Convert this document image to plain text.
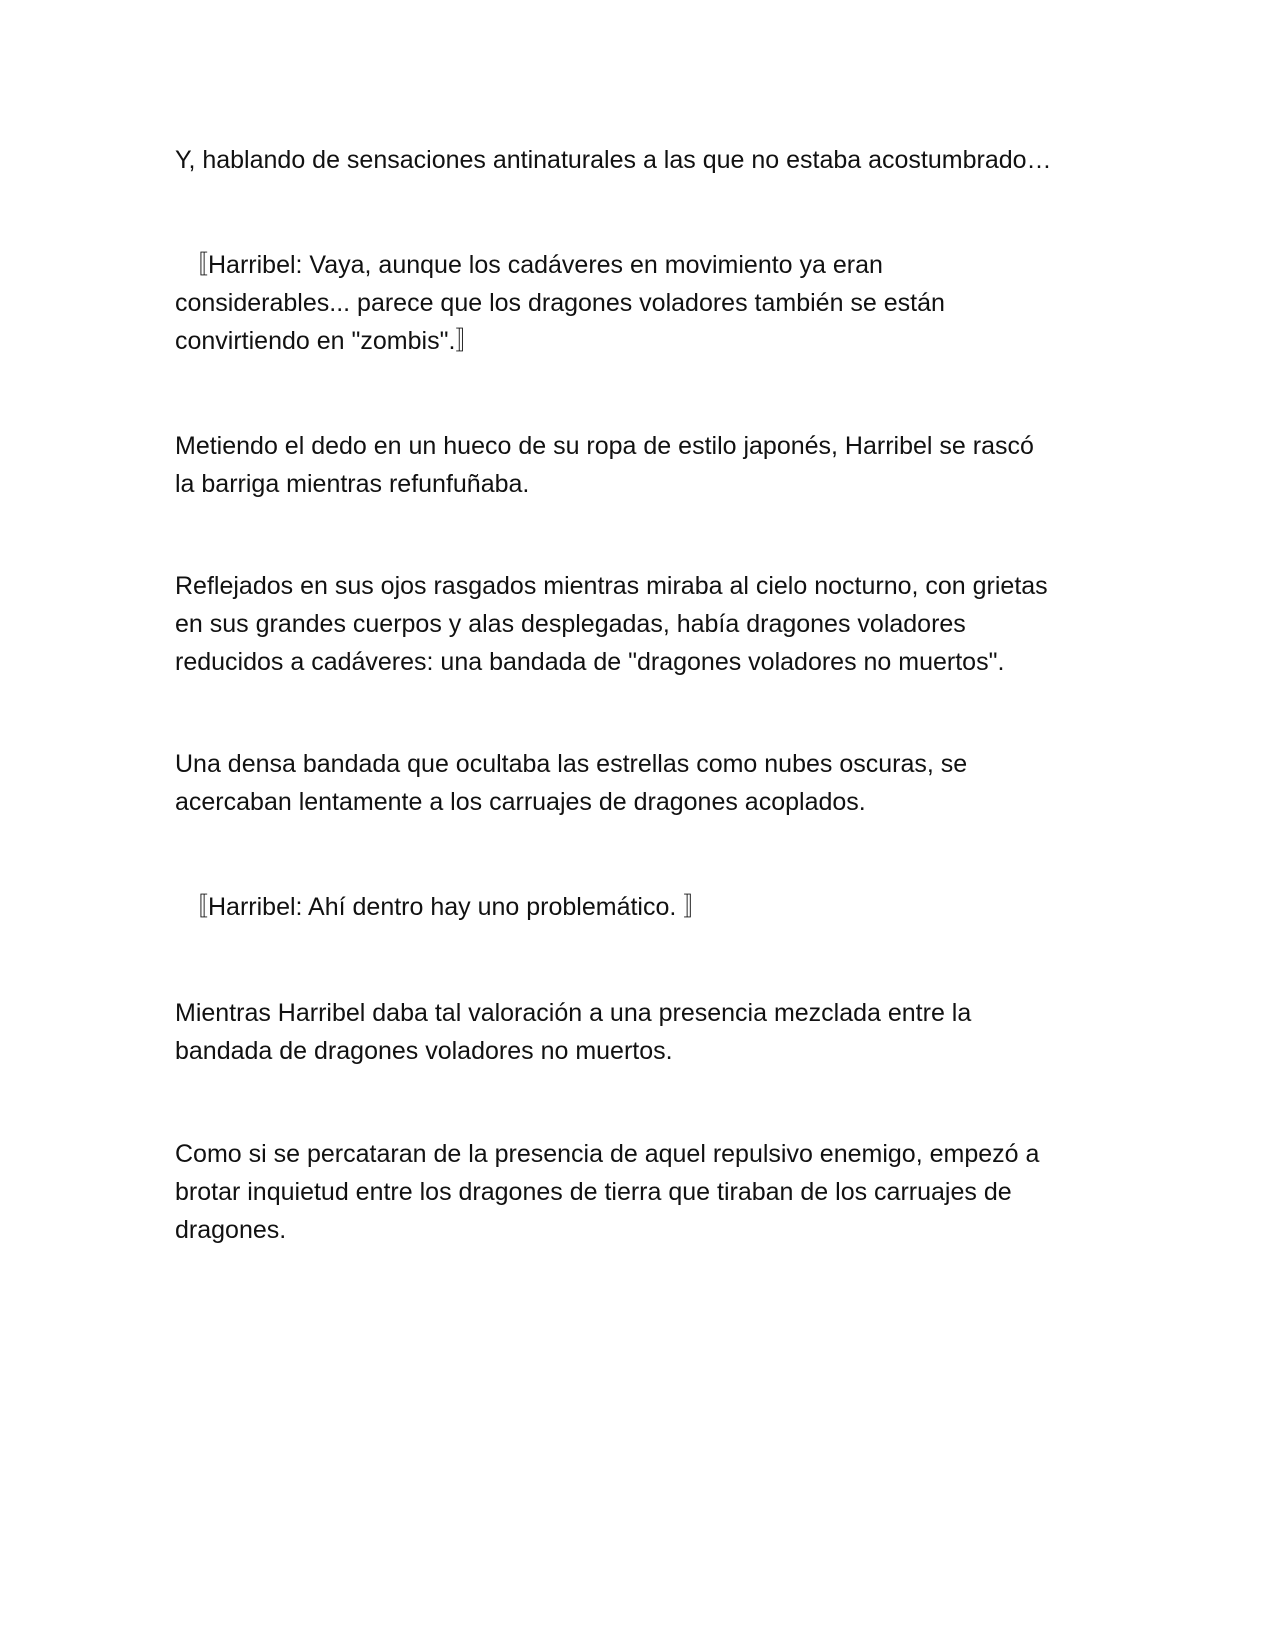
Y, hablando de sensaciones antinaturales a las que no estaba acostumbrado…

〚Harribel: Vaya, aunque los cadáveres en movimiento ya eran
considerables... parece que los dragones voladores también se están
convirtiendo en "zombis".〛

Metiendo el dedo en un hueco de su ropa de estilo japonés, Harribel se rascó
la barriga mientras refunfuñaba.

Reflejados en sus ojos rasgados mientras miraba al cielo nocturno, con grietas
en sus grandes cuerpos y alas desplegadas, había dragones voladores
reducidos a cadáveres: una bandada de "dragones voladores no muertos".

Una densa bandada que ocultaba las estrellas como nubes oscuras, se
acercaban lentamente a los carruajes de dragones acoplados.

〚Harribel: Ahí dentro hay uno problemático. 〛

Mientras Harribel daba tal valoración a una presencia mezclada entre la
bandada de dragones voladores no muertos.

Como si se percataran de la presencia de aquel repulsivo enemigo, empezó a
brotar inquietud entre los dragones de tierra que tiraban de los carruajes de
dragones.
